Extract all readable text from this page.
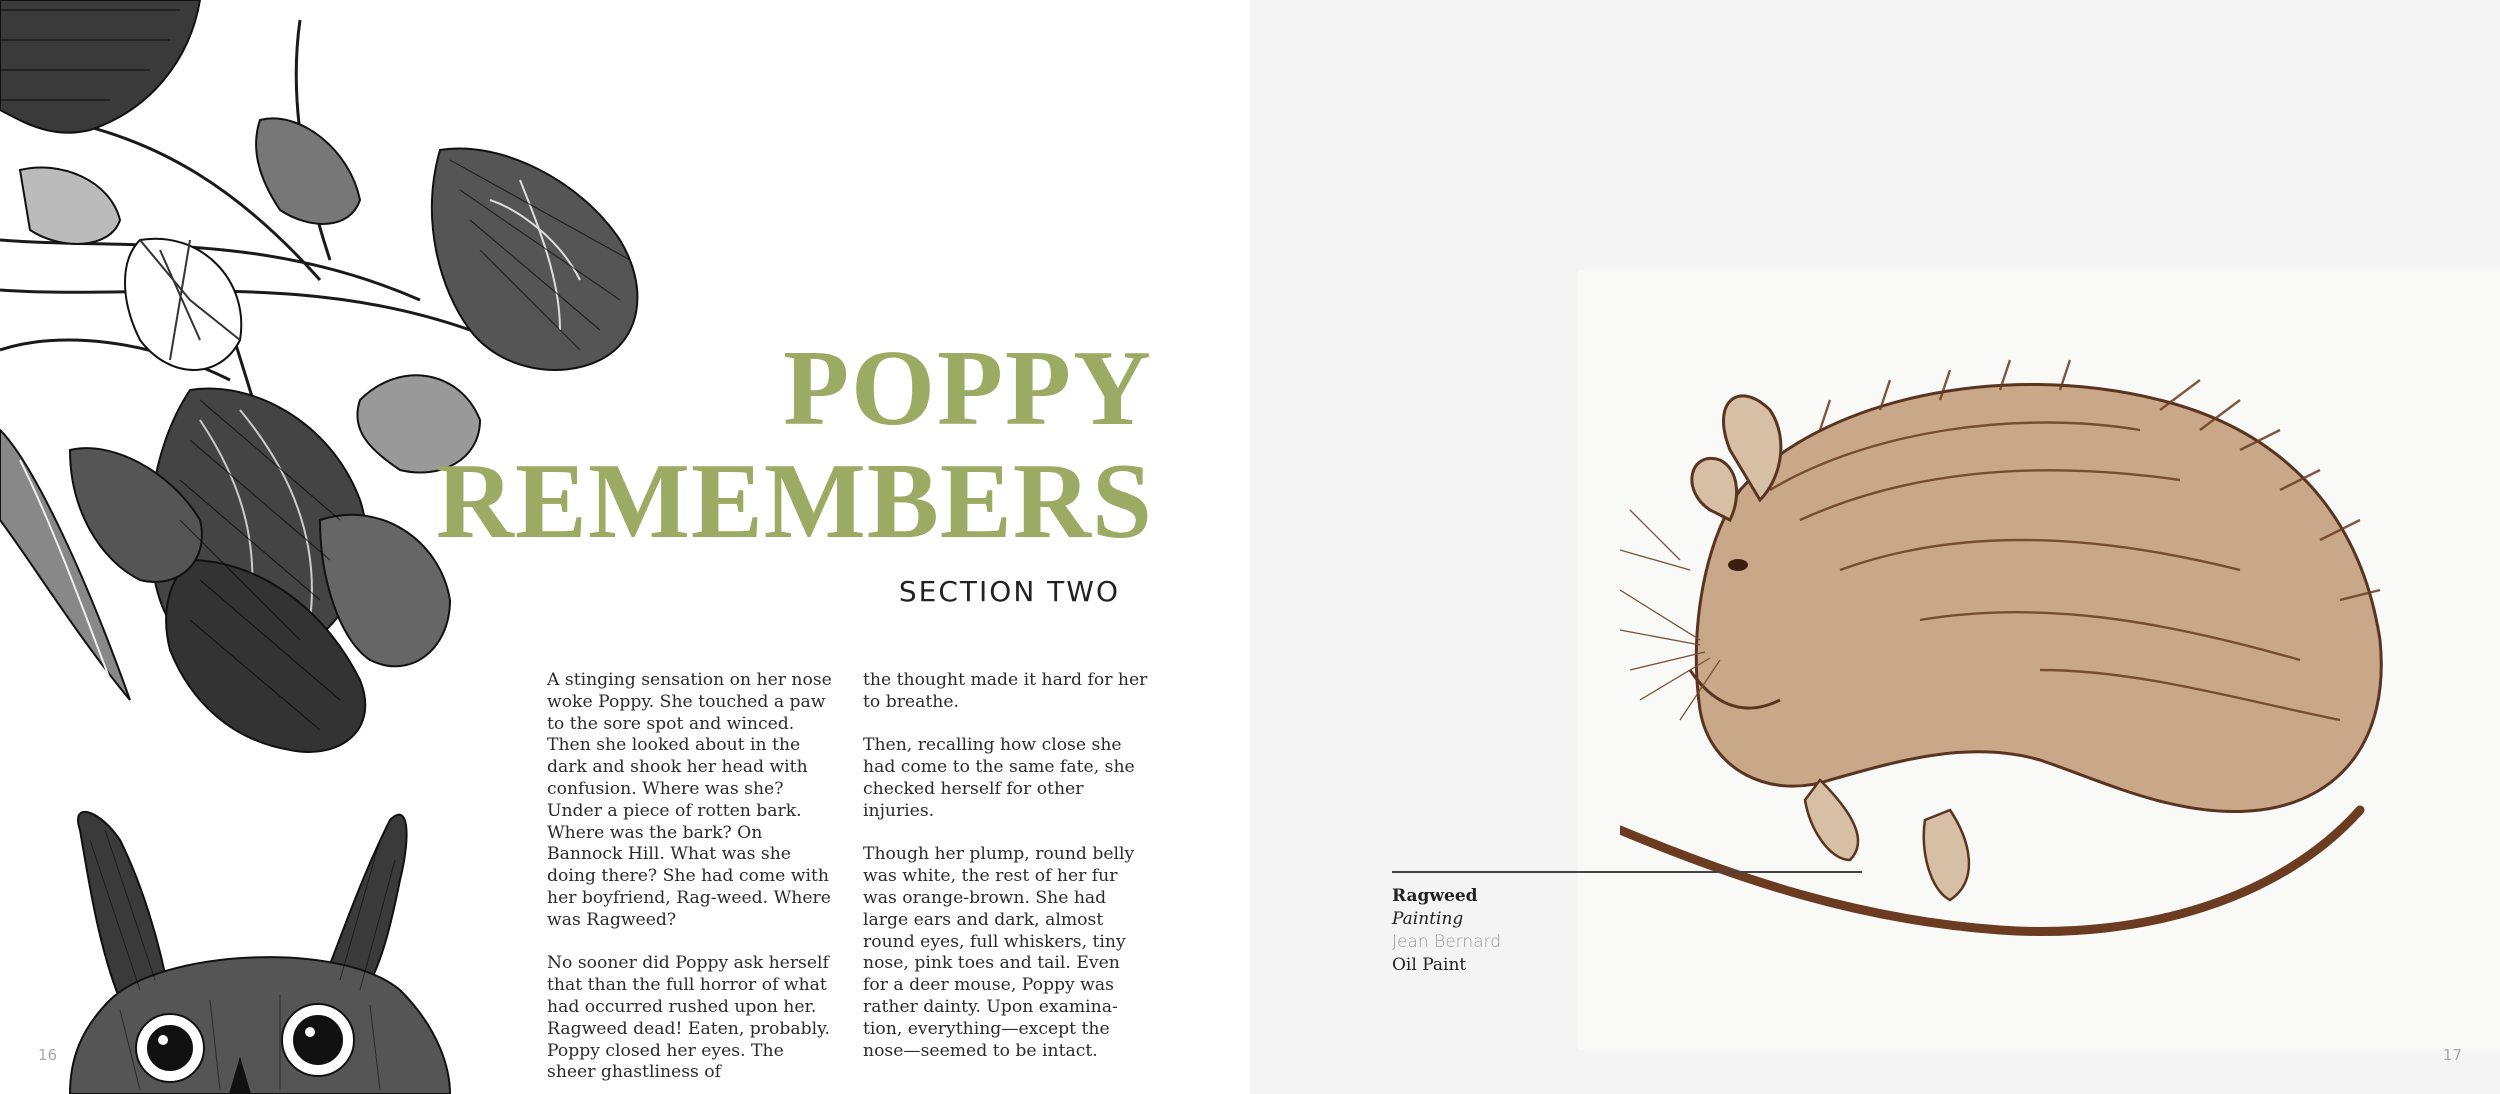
POPPY
REMEMBERS
SECTION TWO

A stinging sensation on her nose woke Poppy. She touched a paw to the sore spot and winced. Then she looked about in the dark and shook her head with confusion. Where was she? Under a piece of rotten bark. Where was the bark? On Bannock Hill. What was she doing there? She had come with her boyfriend, Rag-weed. Where was Ragweed?

No sooner did Poppy ask herself that than the full horror of what had occurred rushed upon her. Ragweed dead! Eaten, probably. Poppy closed her eyes. The sheer ghastliness of

the thought made it hard for her to breathe.

Then, recalling how close she had come to the same fate, she checked herself for other injuries.

Though her plump, round belly was white, the rest of her fur was orange-brown. She had large ears and dark, almost round eyes, full whiskers, tiny nose, pink toes and tail. Even for a deer mouse, Poppy was rather dainty. Upon examina-tion, everything—except the nose—seemed to be intact.

16
Ragweed
Painting
Jean Bernard
Oil Paint
17
